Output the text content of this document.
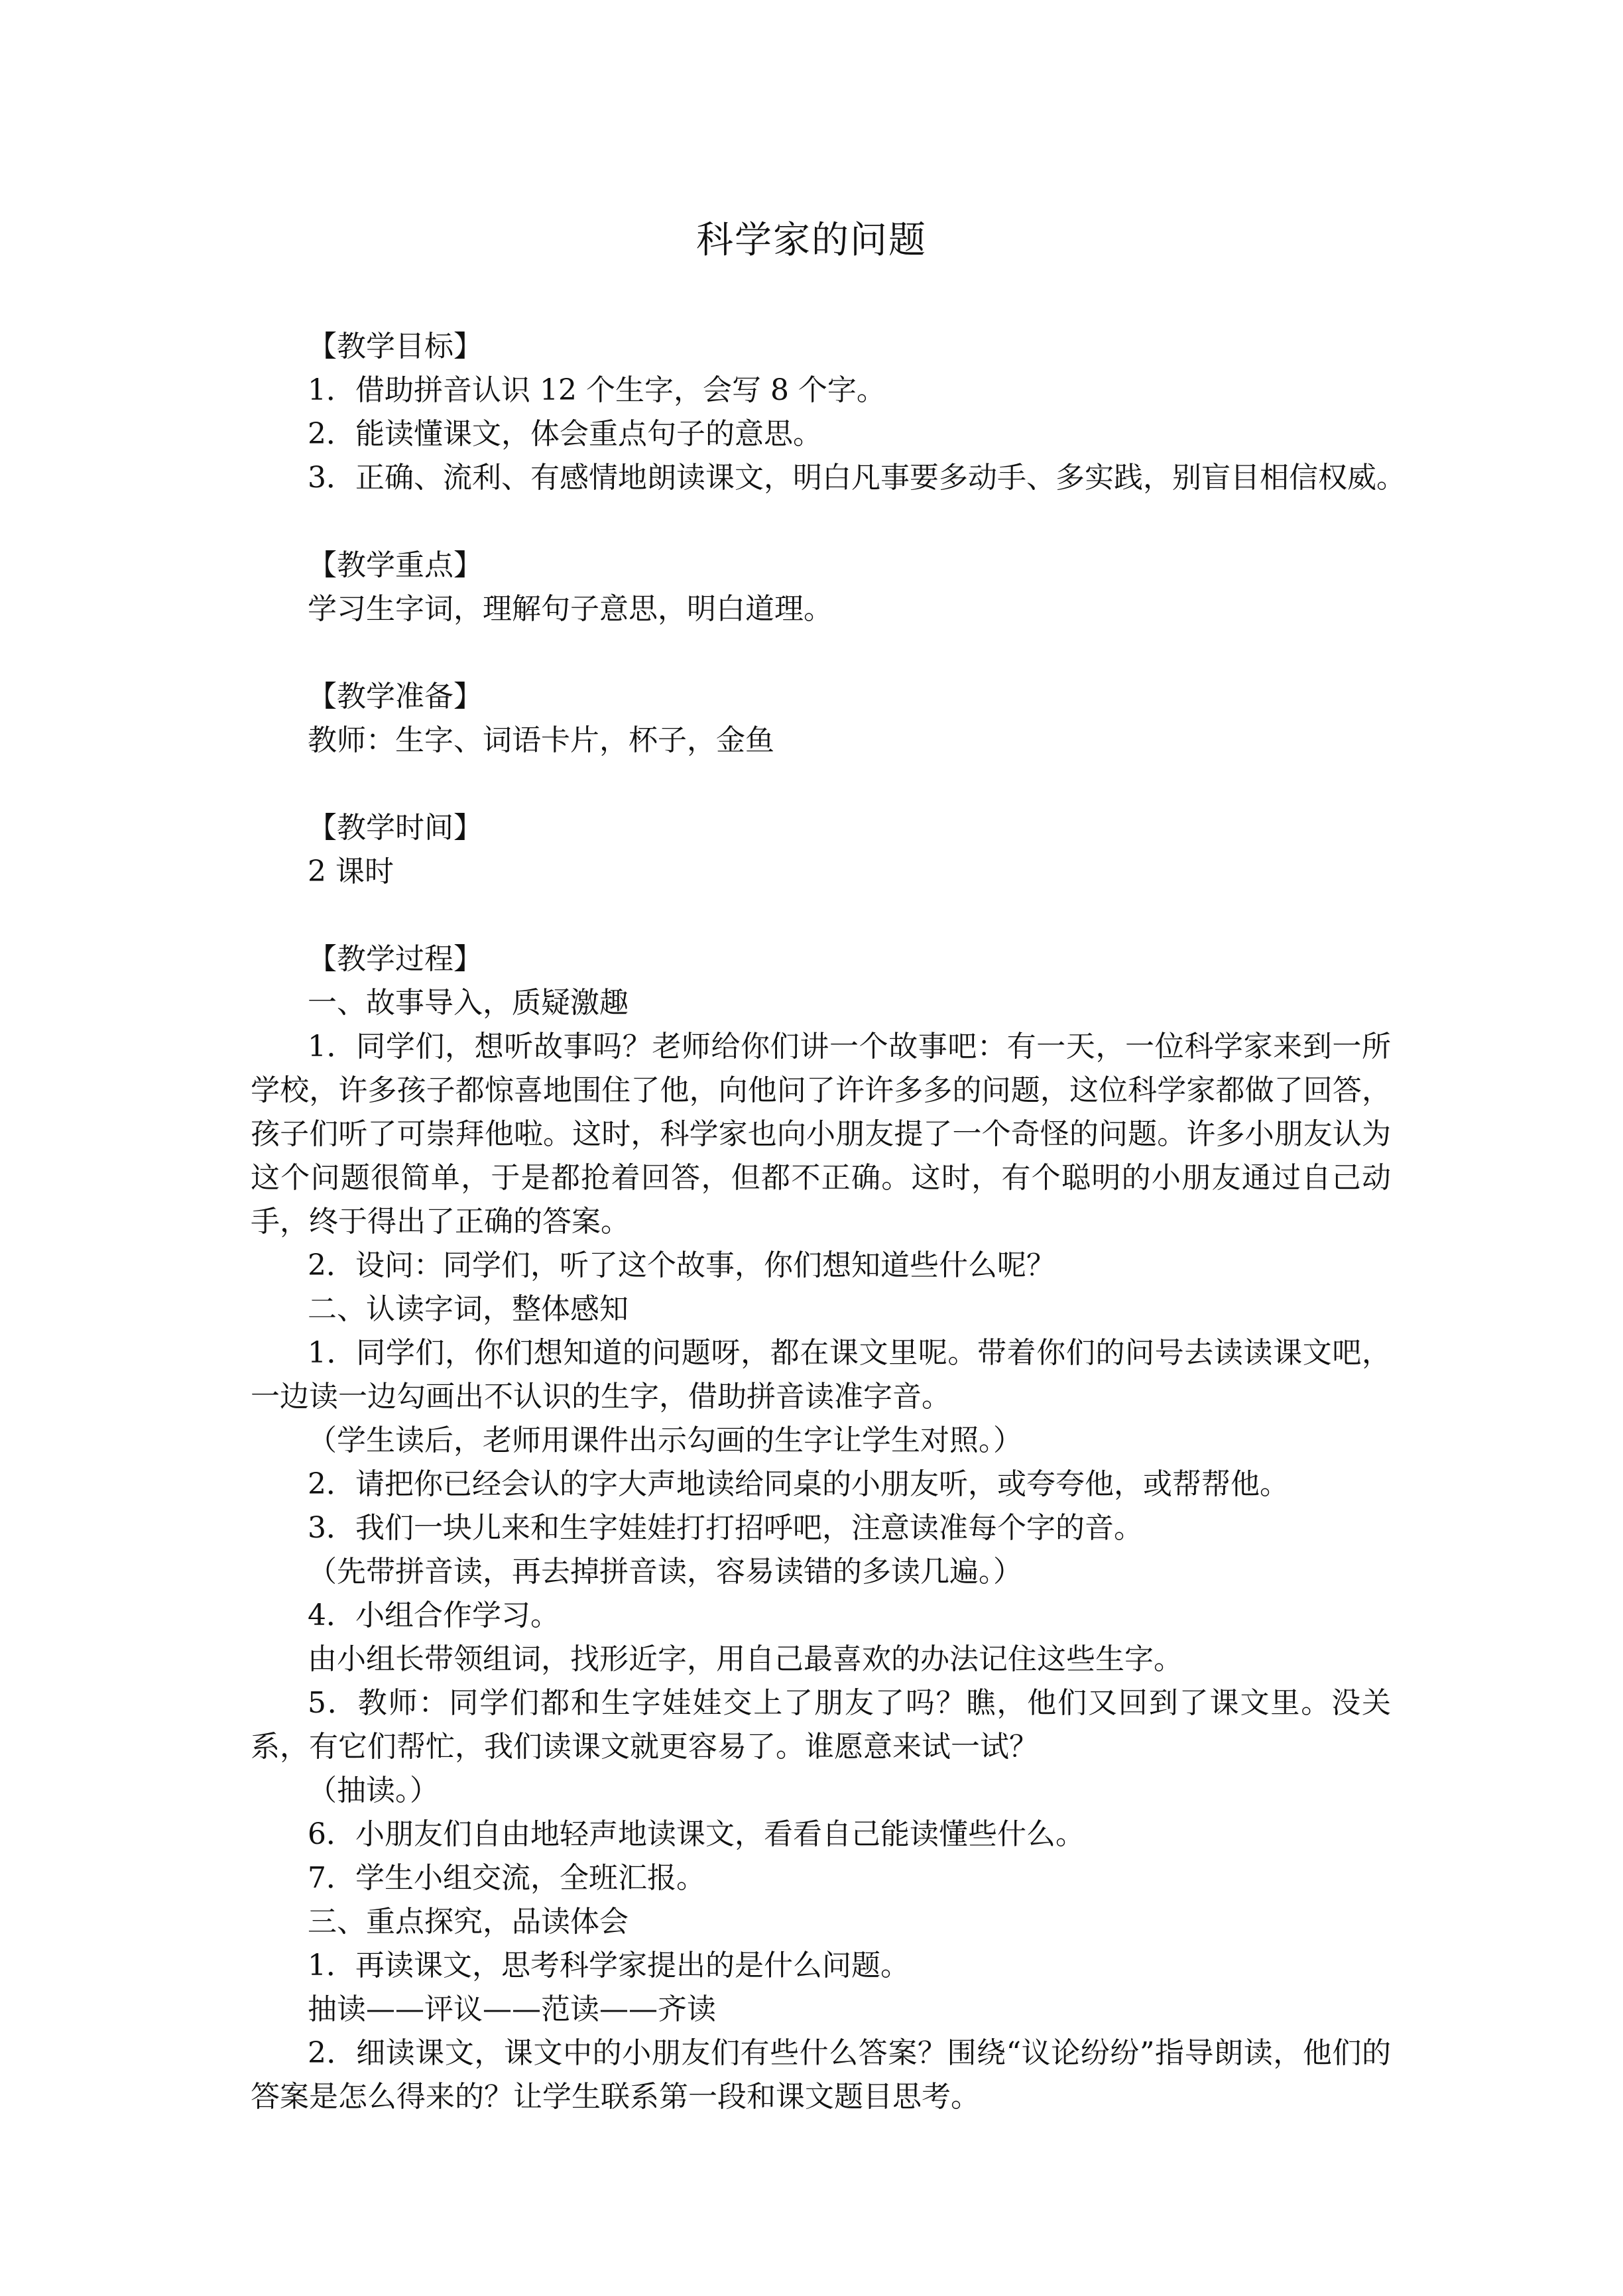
科学家的问题

【教学目标】

1．借助拼音认识 12 个生字，会写 8 个字。

2．能读懂课文，体会重点句子的意思。

3．正确、流利、有感情地朗读课文，明白凡事要多动手、多实践，别盲目相信权威。

【教学重点】

学习生字词，理解句子意思，明白道理。

【教学准备】

教师：生字、词语卡片，杯子，金鱼

【教学时间】

2 课时

【教学过程】

一、故事导入，质疑激趣

1．同学们，想听故事吗？老师给你们讲一个故事吧：有一天，一位科学家来到一所学校，许多孩子都惊喜地围住了他，向他问了许许多多的问题，这位科学家都做了回答，孩子们听了可崇拜他啦。这时，科学家也向小朋友提了一个奇怪的问题。许多小朋友认为这个问题很简单，于是都抢着回答，但都不正确。这时，有个聪明的小朋友通过自己动手，终于得出了正确的答案。

2．设问：同学们，听了这个故事，你们想知道些什么呢？

二、认读字词，整体感知

1．同学们，你们想知道的问题呀，都在课文里呢。带着你们的问号去读读课文吧，一边读一边勾画出不认识的生字，借助拼音读准字音。

（学生读后，老师用课件出示勾画的生字让学生对照。）

2．请把你已经会认的字大声地读给同桌的小朋友听，或夸夸他，或帮帮他。

3．我们一块儿来和生字娃娃打打招呼吧，注意读准每个字的音。

（先带拼音读，再去掉拼音读，容易读错的多读几遍。）

4．小组合作学习。

由小组长带领组词，找形近字，用自己最喜欢的办法记住这些生字。

5．教师：同学们都和生字娃娃交上了朋友了吗？瞧，他们又回到了课文里。没关系，有它们帮忙，我们读课文就更容易了。谁愿意来试一试？

（抽读。）

6．小朋友们自由地轻声地读课文，看看自己能读懂些什么。

7．学生小组交流，全班汇报。

三、重点探究，品读体会

1．再读课文，思考科学家提出的是什么问题。

抽读——评议——范读——齐读

2．细读课文，课文中的小朋友们有些什么答案？围绕“议论纷纷”指导朗读，他们的答案是怎么得来的？让学生联系第一段和课文题目思考。
